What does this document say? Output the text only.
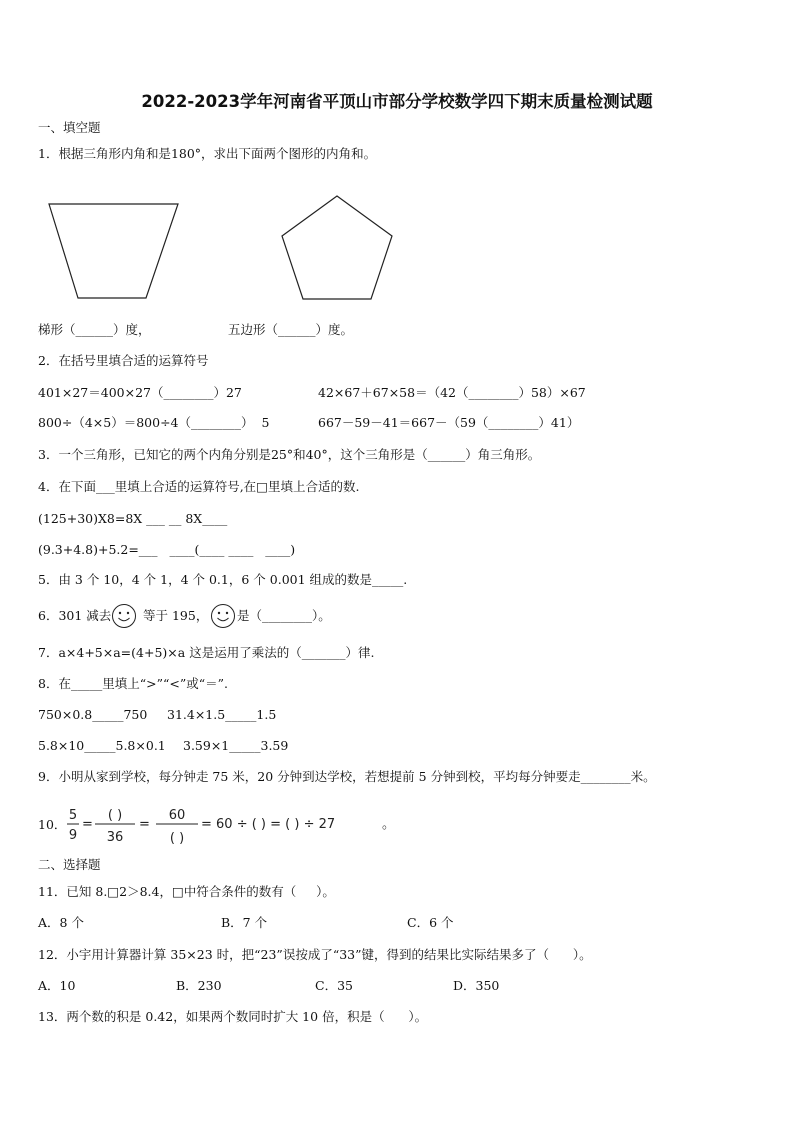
2022-2023学年河南省平顶山市部分学校数学四下期末质量检测试题
一、填空题
1．根据三角形内角和是180°，求出下面两个图形的内角和。
梯形（______）度，	五边形（______）度。
2．在括号里填合适的运算符号
401×27＝400×27（________）27	42×67＋67×58＝（42（________）58）×67
800÷（4×5）＝800÷4（________）  5	667－59－41＝667－（59（________）41）
3．一个三角形，已知它的两个内角分别是25°和40°，这个三角形是（______）角三角形。
4．在下面___里填上合适的运算符号,在□里填上合适的数.
(125+30)X8=8X ___ __ 8X____
(9.3+4.8)+5.2=___   ____(____ ____   ____)
5．由 3 个 10，4 个 1，4 个 0.1，6 个 0.001 组成的数是_____.
6．301 减去	等于 195， 是（________）。
7．a×4+5×a=(4+5)×a 这是运用了乘法的（_______）律.
8．在_____里填上“>”“<”或“＝”.
750×0.8_____750 31.4×1.5_____1.5
5.8×10_____5.8×0.1 3.59×1_____3.59
9．小明从家到学校，每分钟走 75 米，20 分钟到达学校，若想提前 5 分钟到校，平均每分钟要走________米。
10．
5
9
=
( )
36
=
60
( )
= 60 ÷ ( ) = ( ) ÷ 27	。
二、选择题
11．已知 8.□2＞8.4，□中符合条件的数有（     ）。
A．8 个	B．7 个	C．6 个
12．小宇用计算器计算 35×23 时，把“23”误按成了“33”键，得到的结果比实际结果多了（      ）。
A．10	B．230	C．35	D．350
13．两个数的积是 0.42，如果两个数同时扩大 10 倍，积是（      ）。
